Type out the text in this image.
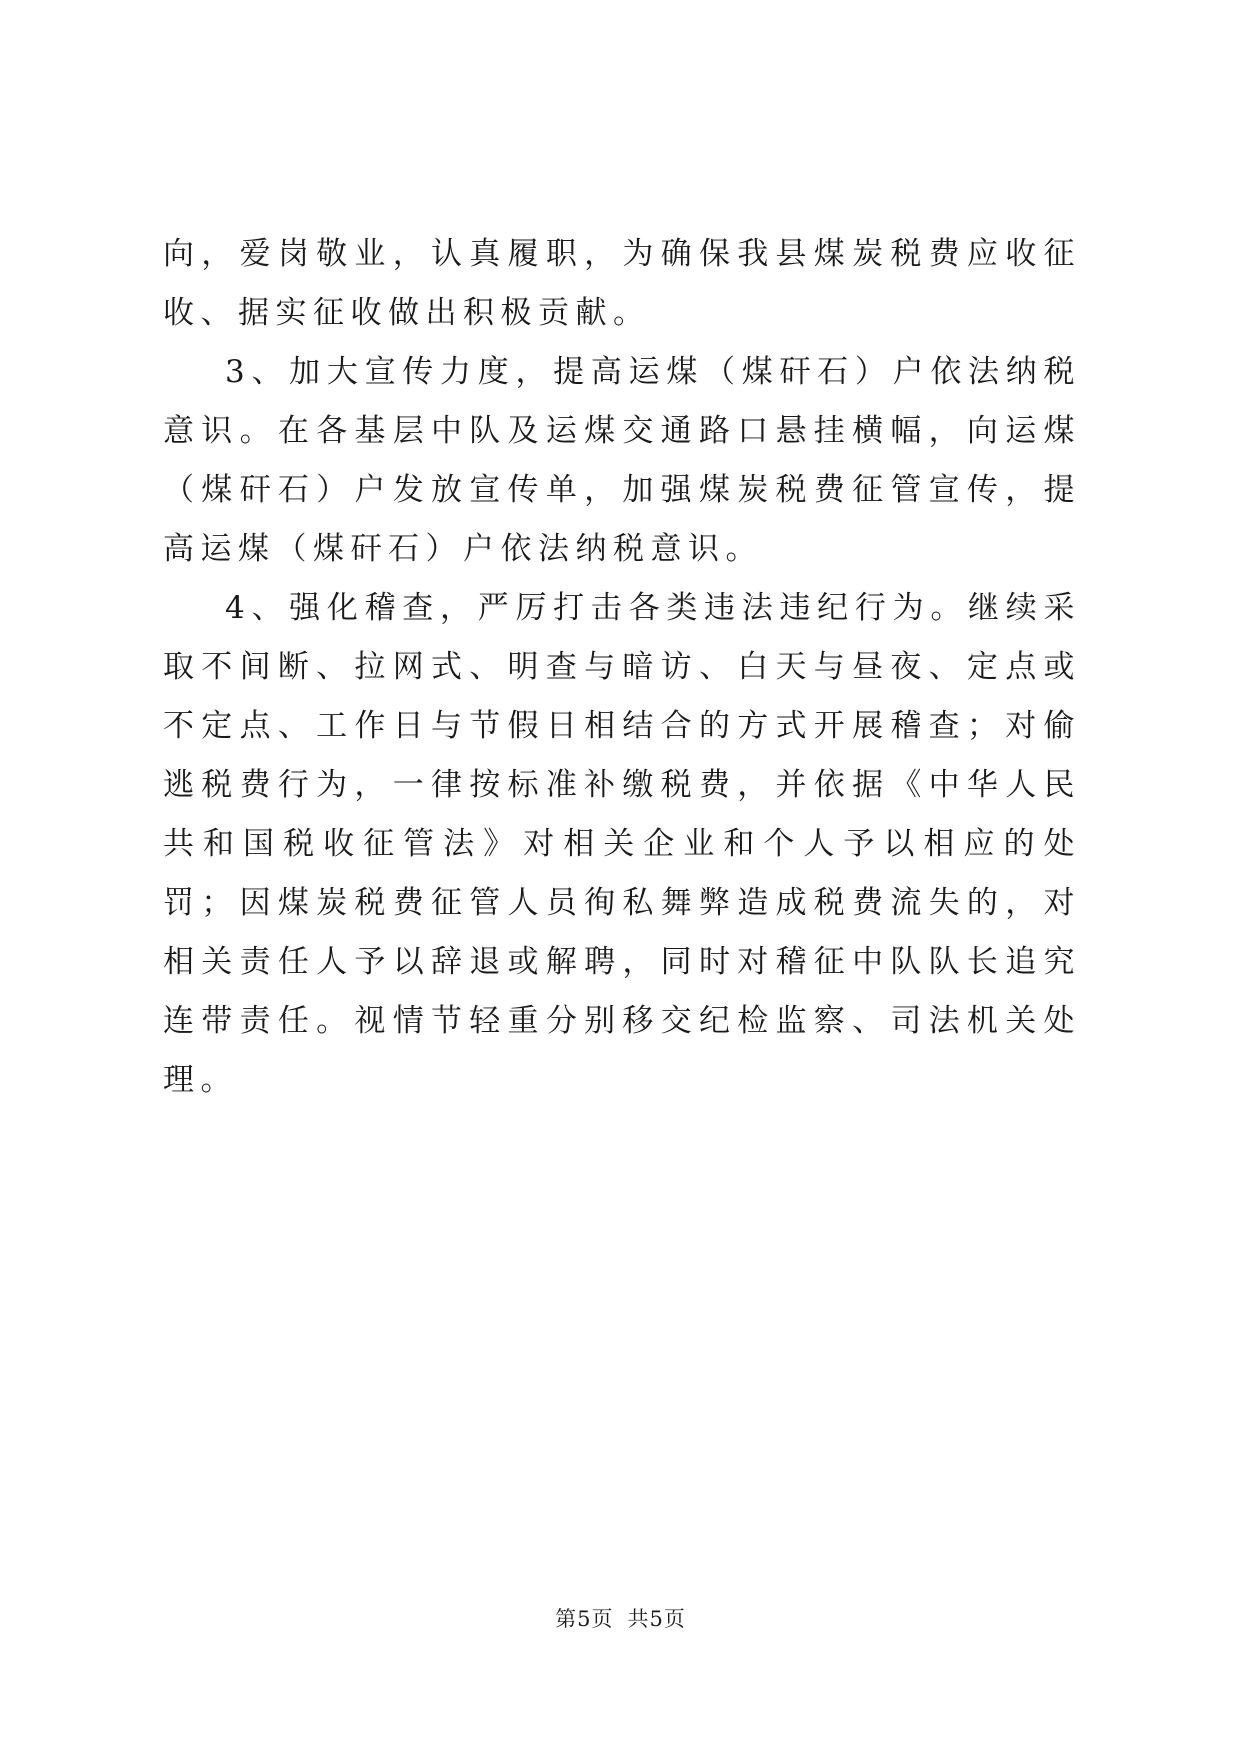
向，爱岗敬业，认真履职，为确保我县煤炭税费应收征收、据实征收做出积极贡献。

3、加大宣传力度，提高运煤（煤矸石）户依法纳税意识。在各基层中队及运煤交通路口悬挂横幅，向运煤（煤矸石）户发放宣传单，加强煤炭税费征管宣传，提高运煤（煤矸石）户依法纳税意识。

4、强化稽查，严厉打击各类违法违纪行为。继续采取不间断、拉网式、明查与暗访、白天与昼夜、定点或不定点、工作日与节假日相结合的方式开展稽查；对偷逃税费行为，一律按标准补缴税费，并依据《中华人民共和国税收征管法》对相关企业和个人予以相应的处罚；因煤炭税费征管人员徇私舞弊造成税费流失的，对相关责任人予以辞退或解聘，同时对稽征中队队长追究连带责任。视情节轻重分别移交纪检监察、司法机关处理。

第5页 共5页
